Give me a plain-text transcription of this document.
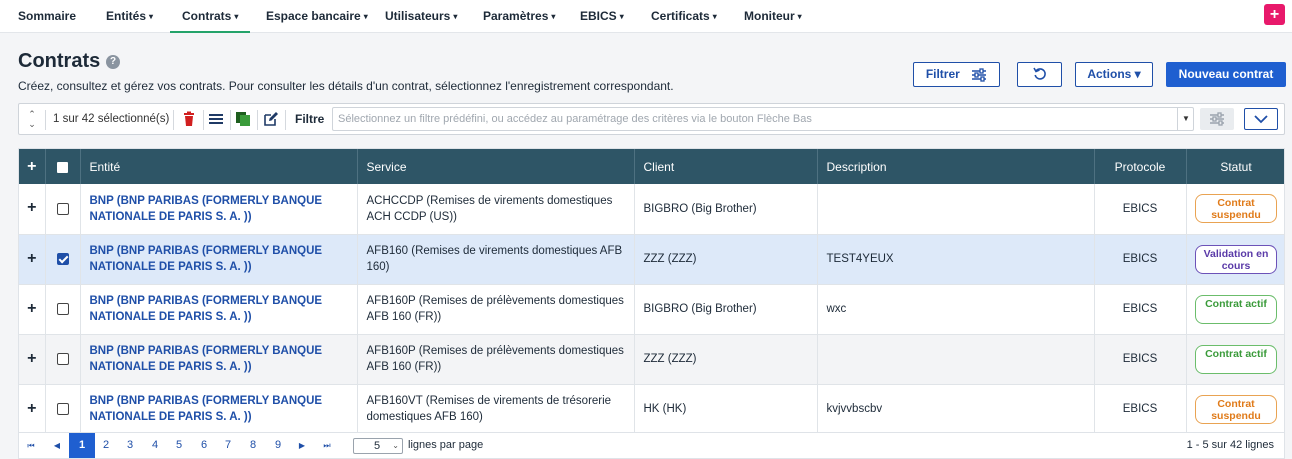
Sommaire Entités ▾	Contrats ▾	Espace bancaire ▾ Utilisateurs ▾ Paramètres ▾ EBICS ▾ Certificats ▾ Moniteur ▾	+
Contrats ?
Créez, consultez et gérez vos contrats. Pour consulter les détails d'un contrat, sélectionnez l'enregistrement correspondant.
Filtrer	Actions ▾	Nouveau contrat
⌃
⌄ 1 sur 42 sélectionné(s)	Filtre	Sélectionnez un filtre prédéfini, ou accédez au paramétrage des critères via le bouton Flèche Bas	▼
+		Entité	Service	Client	Description	Protocole	Statut
+		BNP (BNP PARIBAS (FORMERLY BANQUE NATIONALE DE PARIS S. A. ))	ACHCCDP (Remises de virements domestiques ACH CCDP (US))	BIGBRO (Big Brother)		EBICS	Contrat suspendu
+		BNP (BNP PARIBAS (FORMERLY BANQUE NATIONALE DE PARIS S. A. ))	AFB160 (Remises de virements domestiques AFB 160)	ZZZ (ZZZ)	TEST4YEUX	EBICS	Validation en cours
+		BNP (BNP PARIBAS (FORMERLY BANQUE NATIONALE DE PARIS S. A. ))	AFB160P (Remises de prélèvements domestiques AFB 160 (FR))	BIGBRO (Big Brother)	wxc	EBICS	Contrat actif
+		BNP (BNP PARIBAS (FORMERLY BANQUE NATIONALE DE PARIS S. A. ))	AFB160P (Remises de prélèvements domestiques AFB 160 (FR))	ZZZ (ZZZ)		EBICS	Contrat actif
+		BNP (BNP PARIBAS (FORMERLY BANQUE NATIONALE DE PARIS S. A. ))	AFB160VT (Remises de virements de trésorerie domestiques AFB 160)	HK (HK)	kvjvvbscbv	EBICS	Contrat suspendu
⏮	◀	1	2	3	4	5	6	7	8	9	▶	⏭	5 ⌄ lignes par page	1 - 5 sur 42 lignes
